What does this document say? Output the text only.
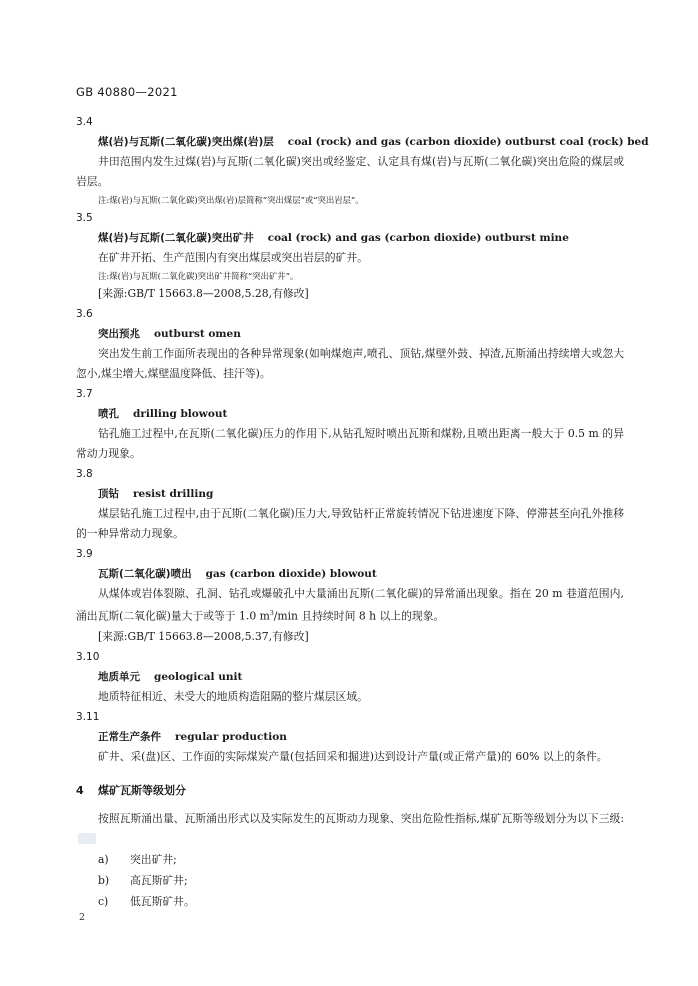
GB 40880—2021
3.4
煤(岩)与瓦斯(二氧化碳)突出煤(岩)层 coal (rock) and gas (carbon dioxide) outburst coal (rock) bed
井田范围内发生过煤(岩)与瓦斯(二氧化碳)突出或经鉴定、认定具有煤(岩)与瓦斯(二氧化碳)突出危险的煤层或岩层。
注:煤(岩)与瓦斯(二氧化碳)突出煤(岩)层简称“突出煤层”或“突出岩层”。
3.5
煤(岩)与瓦斯(二氧化碳)突出矿井 coal (rock) and gas (carbon dioxide) outburst mine
在矿井开拓、生产范围内有突出煤层或突出岩层的矿井。
注:煤(岩)与瓦斯(二氧化碳)突出矿井简称“突出矿井”。
[来源:GB/T 15663.8—2008,5.28,有修改]
3.6
突出预兆 outburst omen
突出发生前工作面所表现出的各种异常现象(如响煤炮声,喷孔、顶钻,煤壁外鼓、掉渣,瓦斯涌出持续增大或忽大忽小,煤尘增大,煤壁温度降低、挂汗等)。
3.7
喷孔 drilling blowout
钻孔施工过程中,在瓦斯(二氧化碳)压力的作用下,从钻孔短时喷出瓦斯和煤粉,且喷出距离一般大于 0.5 m 的异常动力现象。
3.8
顶钻 resist drilling
煤层钻孔施工过程中,由于瓦斯(二氧化碳)压力大,导致钻杆正常旋转情况下钻进速度下降、停滞甚至向孔外推移的一种异常动力现象。
3.9
瓦斯(二氧化碳)喷出 gas (carbon dioxide) blowout
从煤体或岩体裂隙、孔洞、钻孔或爆破孔中大量涌出瓦斯(二氧化碳)的异常涌出现象。指在 20 m 巷道范围内,涌出瓦斯(二氧化碳)量大于或等于 1.0 $m^3/\min$ 且持续时间 8 h 以上的现象。
[来源:GB/T 15663.8—2008,5.37,有修改]
3.10
地质单元 geological unit
地质特征相近、未受大的地质构造阻隔的整片煤层区域。
3.11
正常生产条件 regular production
矿井、采(盘)区、工作面的实际煤炭产量(包括回采和掘进)达到设计产量(或正常产量)的 60% 以上的条件。
4 煤矿瓦斯等级划分
按照瓦斯涌出量、瓦斯涌出形式以及实际发生的瓦斯动力现象、突出危险性指标,煤矿瓦斯等级划分为以下三级:
a) 突出矿井;
b) 高瓦斯矿井;
c) 低瓦斯矿井。
2
